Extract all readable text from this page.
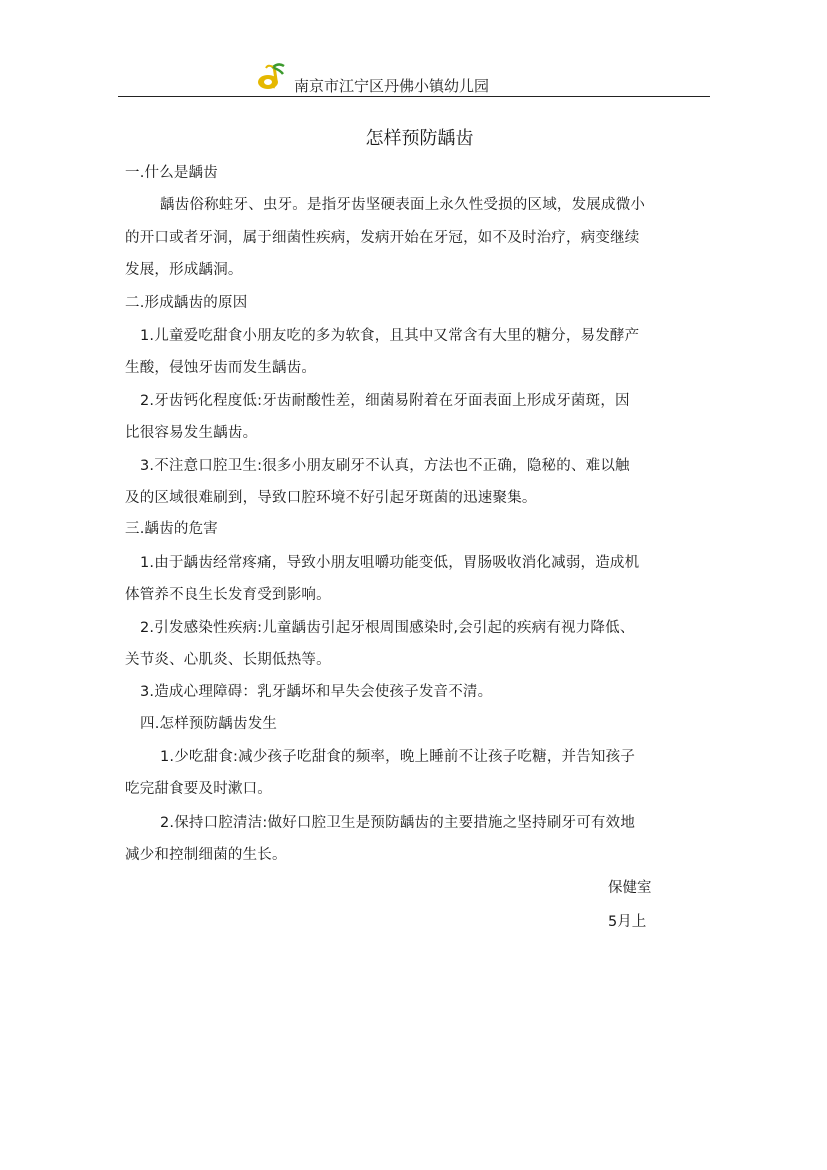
南京市江宁区丹佛小镇幼儿园
怎样预防龋齿
一.什么是龋齿
龋齿俗称蛀牙、虫牙。是指牙齿坚硬表面上永久性受损的区域，发展成微小
的开口或者牙洞，属于细菌性疾病，发病开始在牙冠，如不及时治疗，病变继续
发展，形成龋洞。
二.形成龋齿的原因
1.儿童爱吃甜食小朋友吃的多为软食，且其中又常含有大里的糖分，易发酵产
生酸，侵蚀牙齿而发生龋齿。
2.牙齿钙化程度低:牙齿耐酸性差，细菌易附着在牙面表面上形成牙菌斑，因
比很容易发生龋齿。
3.不注意口腔卫生:很多小朋友刷牙不认真，方法也不正确，隐秘的、难以触
及的区域很难刷到，导致口腔环境不好引起牙斑菌的迅速聚集。
三.龋齿的危害
1.由于龋齿经常疼痛，导致小朋友咀嚼功能变低，胃肠吸收消化减弱，造成机
体管养不良生长发育受到影响。
2.引发感染性疾病:儿童龋齿引起牙根周围感染时,会引起的疾病有视力降低、
关节炎、心肌炎、长期低热等。
3.造成心理障碍：乳牙龋坏和早失会使孩子发音不清。
四.怎样预防龋齿发生
1.少吃甜食:减少孩子吃甜食的频率，晚上睡前不让孩子吃糖，并告知孩子
吃完甜食要及时漱口。
2.保持口腔清洁:做好口腔卫生是预防龋齿的主要措施之坚持刷牙可有效地
减少和控制细菌的生长。
保健室
5月上
